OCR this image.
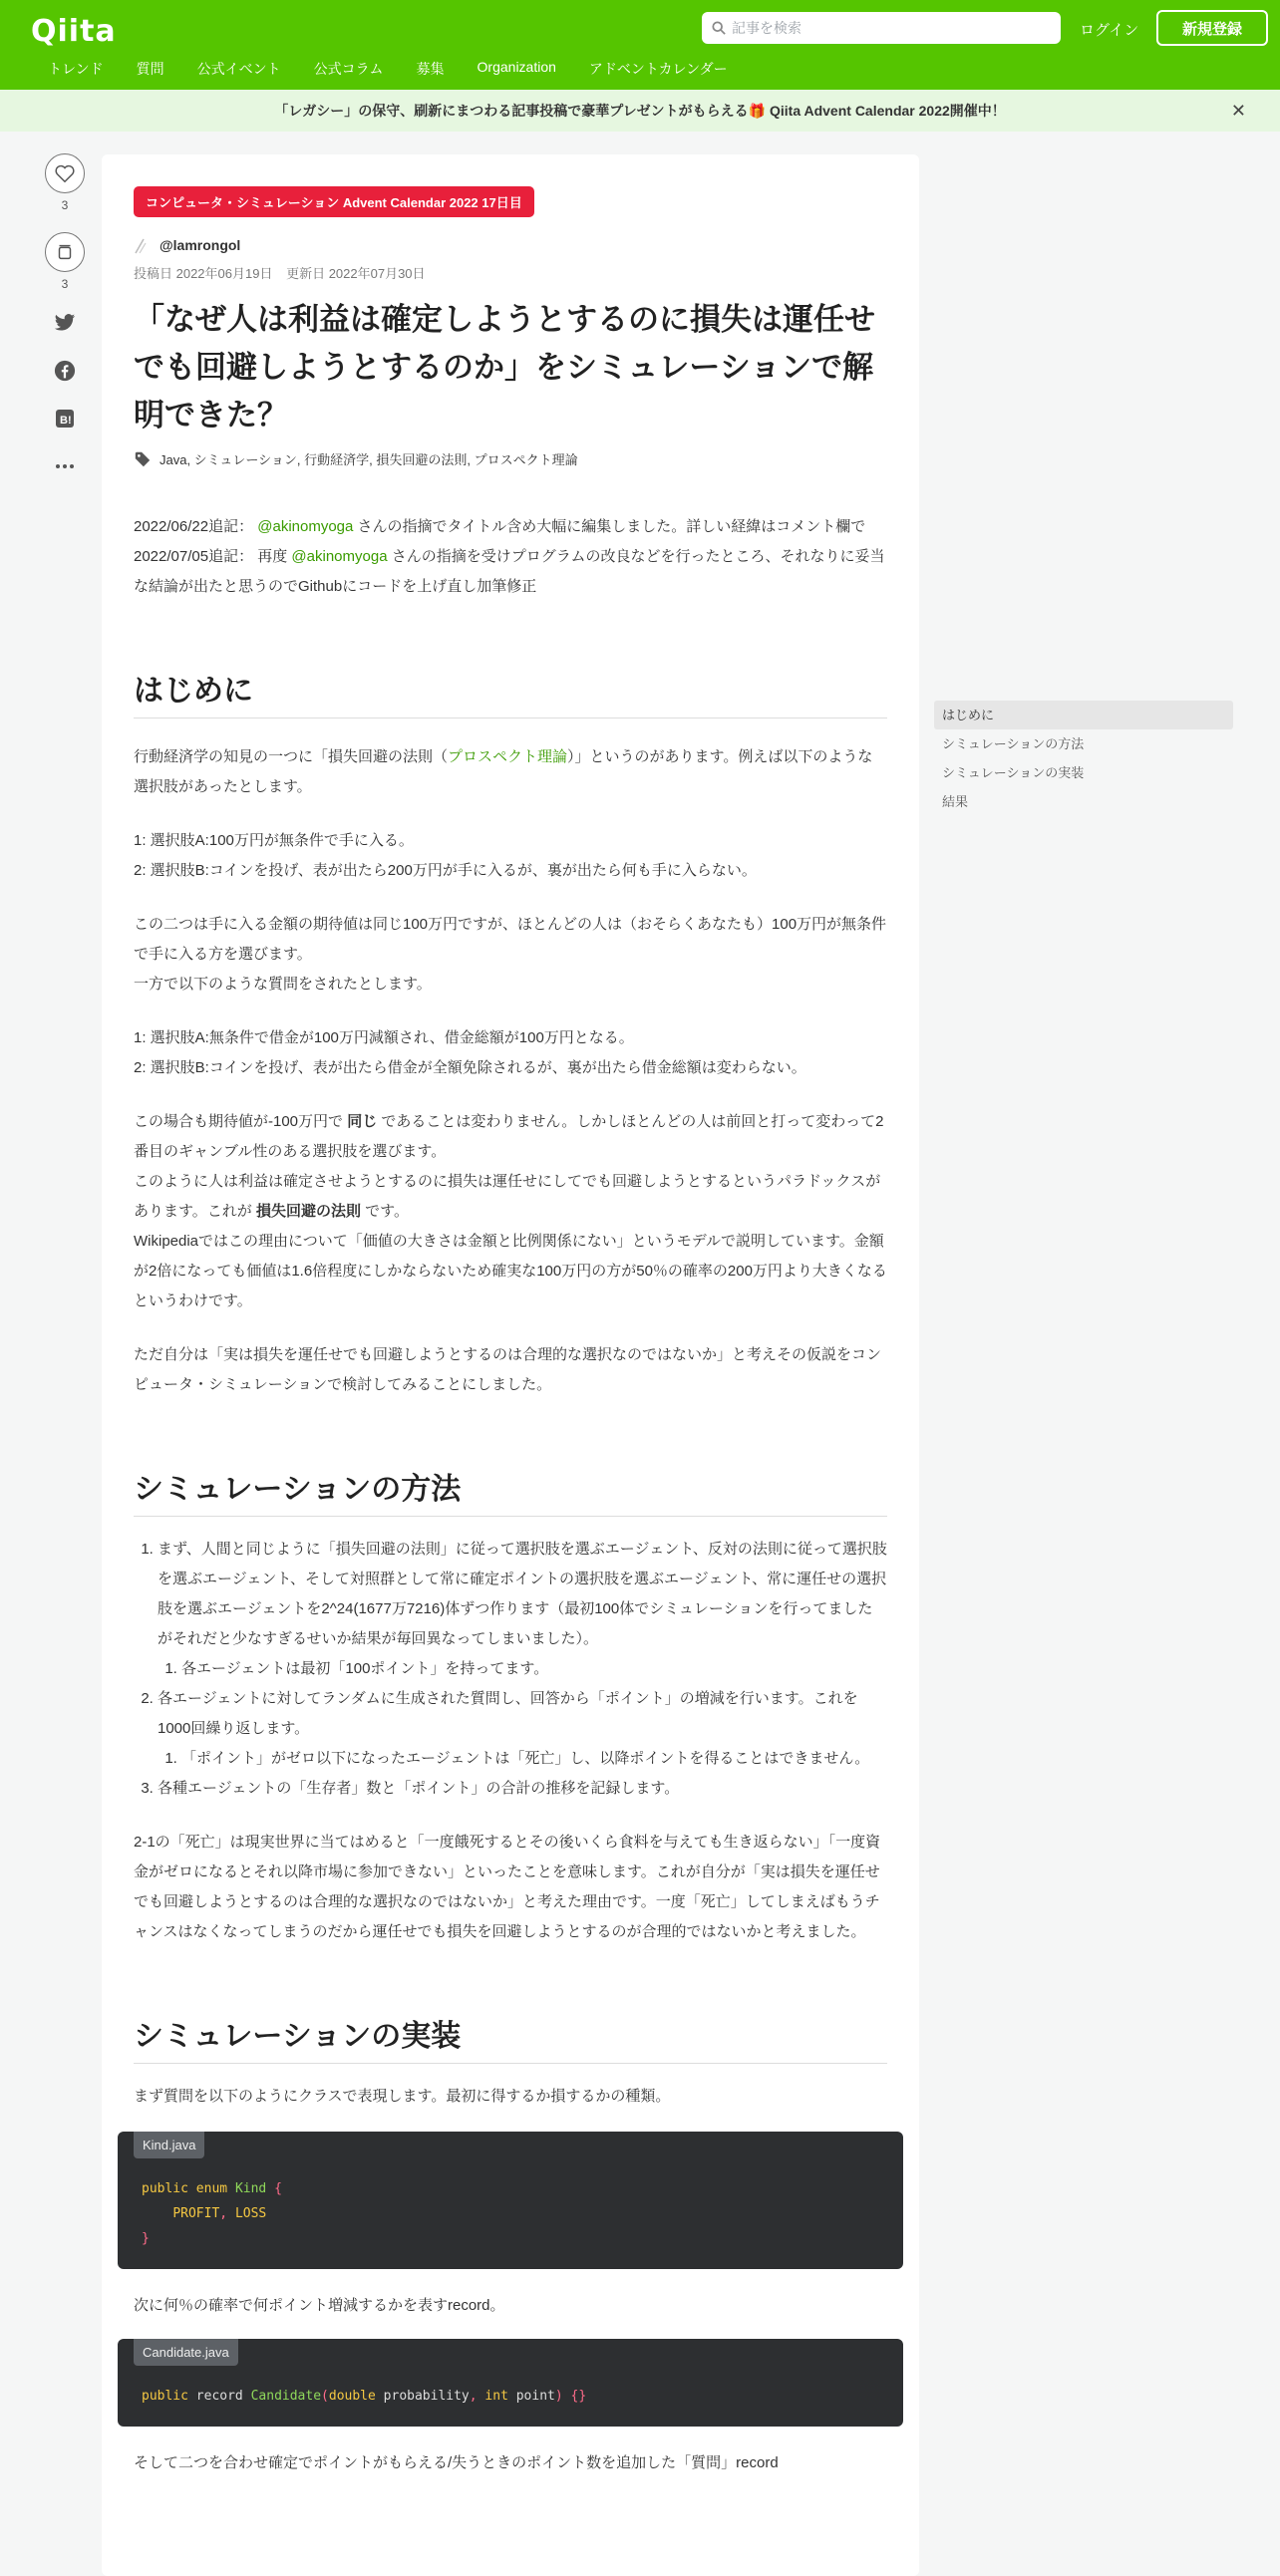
Qiita
記事を検索	ログイン	新規登録
トレンド 質問 公式イベント 公式コラム 募集 Organization アドベントカレンダー
「レガシー」の保守、刷新にまつわる記事投稿で豪華プレゼントがもらえる🎁 Qiita Advent Calendar 2022開催中！	✕
3
3
B!
コンピュータ・シミュレーション Advent Calendar 2022 17日目
@lamrongol
投稿日 2022年06月19日 更新日 2022年07月30日
「なぜ人は利益は確定しようとするのに損失は運任せでも回避しようとするのか」をシミュレーションで解明できた？
Java, シミュレーション, 行動経済学, 損失回避の法則, プロスペクト理論
2022/06/22追記： @akinomyoga さんの指摘でタイトル含め大幅に編集しました。詳しい経緯はコメント欄で
2022/07/05追記： 再度 @akinomyoga さんの指摘を受けプログラムの改良などを行ったところ、それなりに妥当な結論が出たと思うのでGithubにコードを上げ直し加筆修正
はじめに
行動経済学の知見の一つに「損失回避の法則（プロスペクト理論）」というのがあります。例えば以下のような選択肢があったとします。
1: 選択肢A:100万円が無条件で手に入る。
2: 選択肢B:コインを投げ、表が出たら200万円が手に入るが、裏が出たら何も手に入らない。
この二つは手に入る金額の期待値は同じ100万円ですが、ほとんどの人は（おそらくあなたも）100万円が無条件で手に入る方を選びます。
一方で以下のような質問をされたとします。
1: 選択肢A:無条件で借金が100万円減額され、借金総額が100万円となる。
2: 選択肢B:コインを投げ、表が出たら借金が全額免除されるが、裏が出たら借金総額は変わらない。
この場合も期待値が-100万円で 同じ であることは変わりません。しかしほとんどの人は前回と打って変わって2番目のギャンブル性のある選択肢を選びます。
このように人は利益は確定させようとするのに損失は運任せにしてでも回避しようとするというパラドックスがあります。これが 損失回避の法則 です。
Wikipediaではこの理由について「価値の大きさは金額と比例関係にない」というモデルで説明しています。金額が2倍になっても価値は1.6倍程度にしかならないため確実な100万円の方が50％の確率の200万円より大きくなるというわけです。
ただ自分は「実は損失を運任せでも回避しようとするのは合理的な選択なのではないか」と考えその仮説をコンピュータ・シミュレーションで検討してみることにしました。
シミュレーションの方法
1. まず、人間と同じように「損失回避の法則」に従って選択肢を選ぶエージェント、反対の法則に従って選択肢を選ぶエージェント、そして対照群として常に確定ポイントの選択肢を選ぶエージェント、常に運任せの選択肢を選ぶエージェントを2^24(1677万7216)体ずつ作ります（最初100体でシミュレーションを行ってましたがそれだと少なすぎるせいか結果が毎回異なってしまいました）。
1. 各エージェントは最初「100ポイント」を持ってます。
2. 各エージェントに対してランダムに生成された質問し、回答から「ポイント」の増減を行います。これを1000回繰り返します。
1. 「ポイント」がゼロ以下になったエージェントは「死亡」し、以降ポイントを得ることはできません。
3. 各種エージェントの「生存者」数と「ポイント」の合計の推移を記録します。
2-1の「死亡」は現実世界に当てはめると「一度餓死するとその後いくら食料を与えても生き返らない」「一度資金がゼロになるとそれ以降市場に参加できない」といったことを意味します。これが自分が「実は損失を運任せでも回避しようとするのは合理的な選択なのではないか」と考えた理由です。一度「死亡」してしまえばもうチャンスはなくなってしまうのだから運任せでも損失を回避しようとするのが合理的ではないかと考えました。
シミュレーションの実装
まず質問を以下のようにクラスで表現します。最初に得するか損するかの種類。
Kind.java
public enum Kind {
PROFIT, LOSS
}
次に何％の確率で何ポイント増減するかを表すrecord。
Candidate.java
public record Candidate(double probability, int point) {}
そして二つを合わせ確定でポイントがもらえる/失うときのポイント数を追加した「質問」record
はじめに
シミュレーションの方法
シミュレーションの実装
結果
